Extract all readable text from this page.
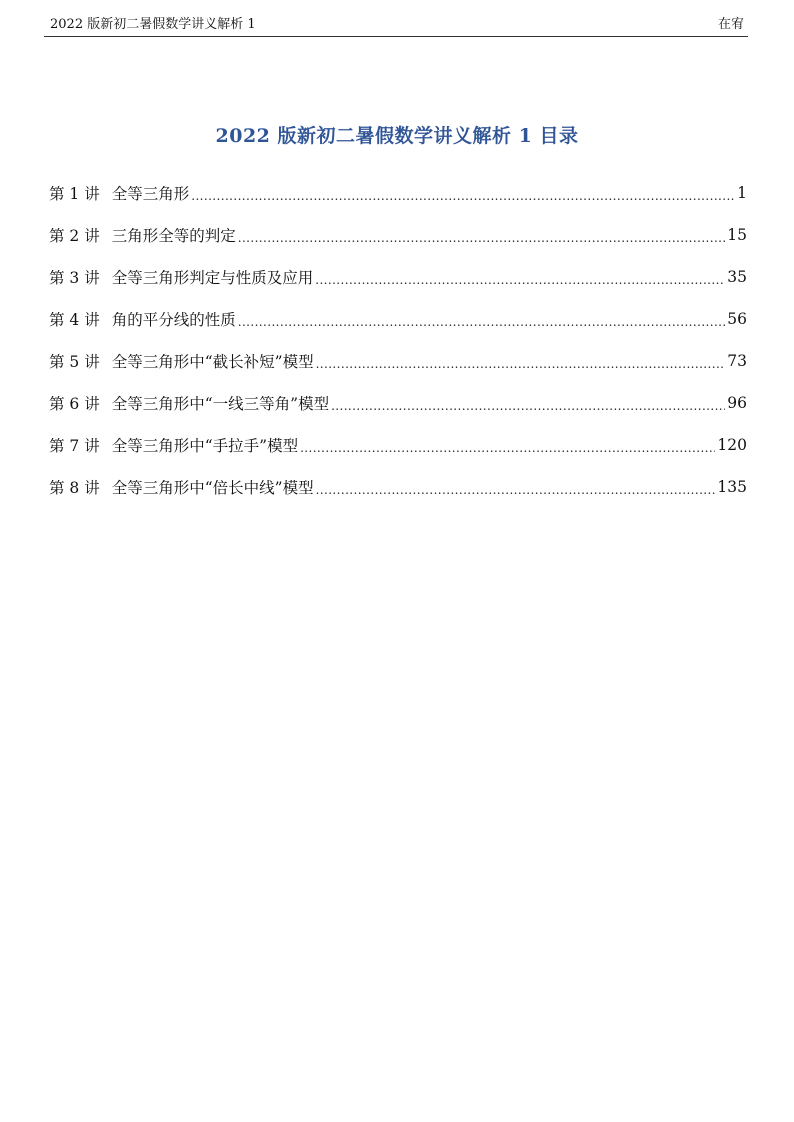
2022 版新初二暑假数学讲义解析 1	在宥
2022 版新初二暑假数学讲义解析 1 目录
第 1 讲 全等三角形 .....	1
第 2 讲 三角形全等的判定 .....	15
第 3 讲 全等三角形判定与性质及应用 .....	35
第 4 讲 角的平分线的性质 .....	56
第 5 讲 全等三角形中“截长补短”模型 .....	73
第 6 讲 全等三角形中“一线三等角”模型 .....	96
第 7 讲 全等三角形中“手拉手”模型 .....	120
第 8 讲 全等三角形中“倍长中线”模型 .....	135
